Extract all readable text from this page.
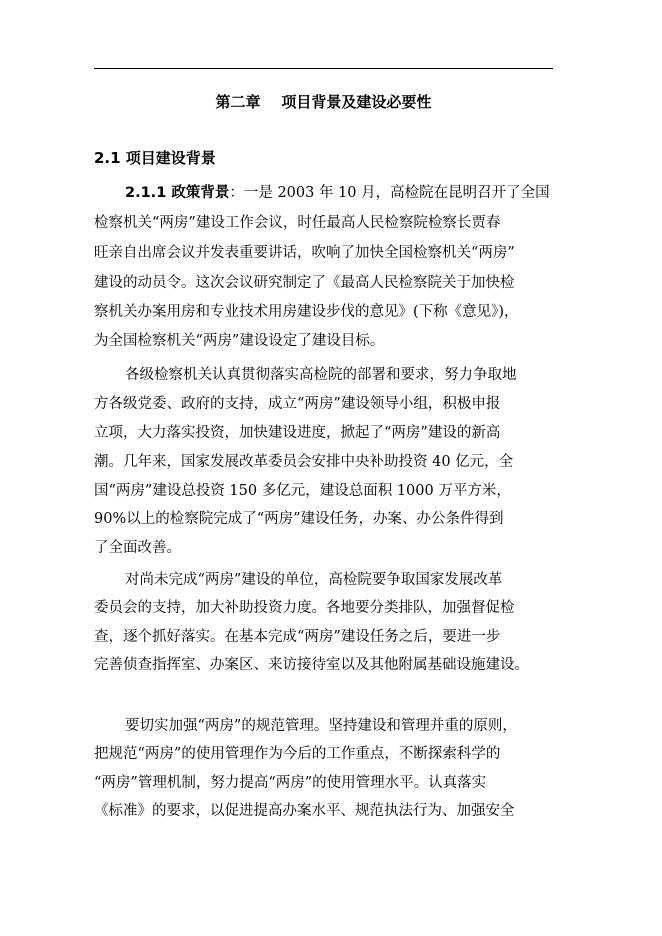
第二章    项目背景及建设必要性
2.1 项目建设背景
2.1.1 政策背景：一是 2003 年 10 月，高检院在昆明召开了全国
检察机关“两房”建设工作会议，时任最高人民检察院检察长贾春
旺亲自出席会议并发表重要讲话，吹响了加快全国检察机关“两房”
建设的动员令。这次会议研究制定了《最高人民检察院关于加快检
察机关办案用房和专业技术用房建设步伐的意见》(下称《意见》)，
为全国检察机关“两房”建设设定了建设目标。
各级检察机关认真贯彻落实高检院的部署和要求，努力争取地
方各级党委、政府的支持，成立“两房”建设领导小组，积极申报
立项，大力落实投资，加快建设进度，掀起了“两房”建设的新高
潮。几年来，国家发展改革委员会安排中央补助投资 40 亿元，全
国“两房”建设总投资 150 多亿元，建设总面积 1000 万平方米，
90%以上的检察院完成了“两房”建设任务，办案、办公条件得到
了全面改善。
对尚未完成“两房”建设的单位，高检院要争取国家发展改革
委员会的支持，加大补助投资力度。各地要分类排队，加强督促检
查，逐个抓好落实。在基本完成“两房”建设任务之后，要进一步
完善侦查指挥室、办案区、来访接待室以及其他附属基础设施建设。
要切实加强“两房”的规范管理。坚持建设和管理并重的原则，
把规范“两房”的使用管理作为今后的工作重点，不断探索科学的
“两房”管理机制，努力提高“两房”的使用管理水平。认真落实
《标准》的要求，以促进提高办案水平、规范执法行为、加强安全
